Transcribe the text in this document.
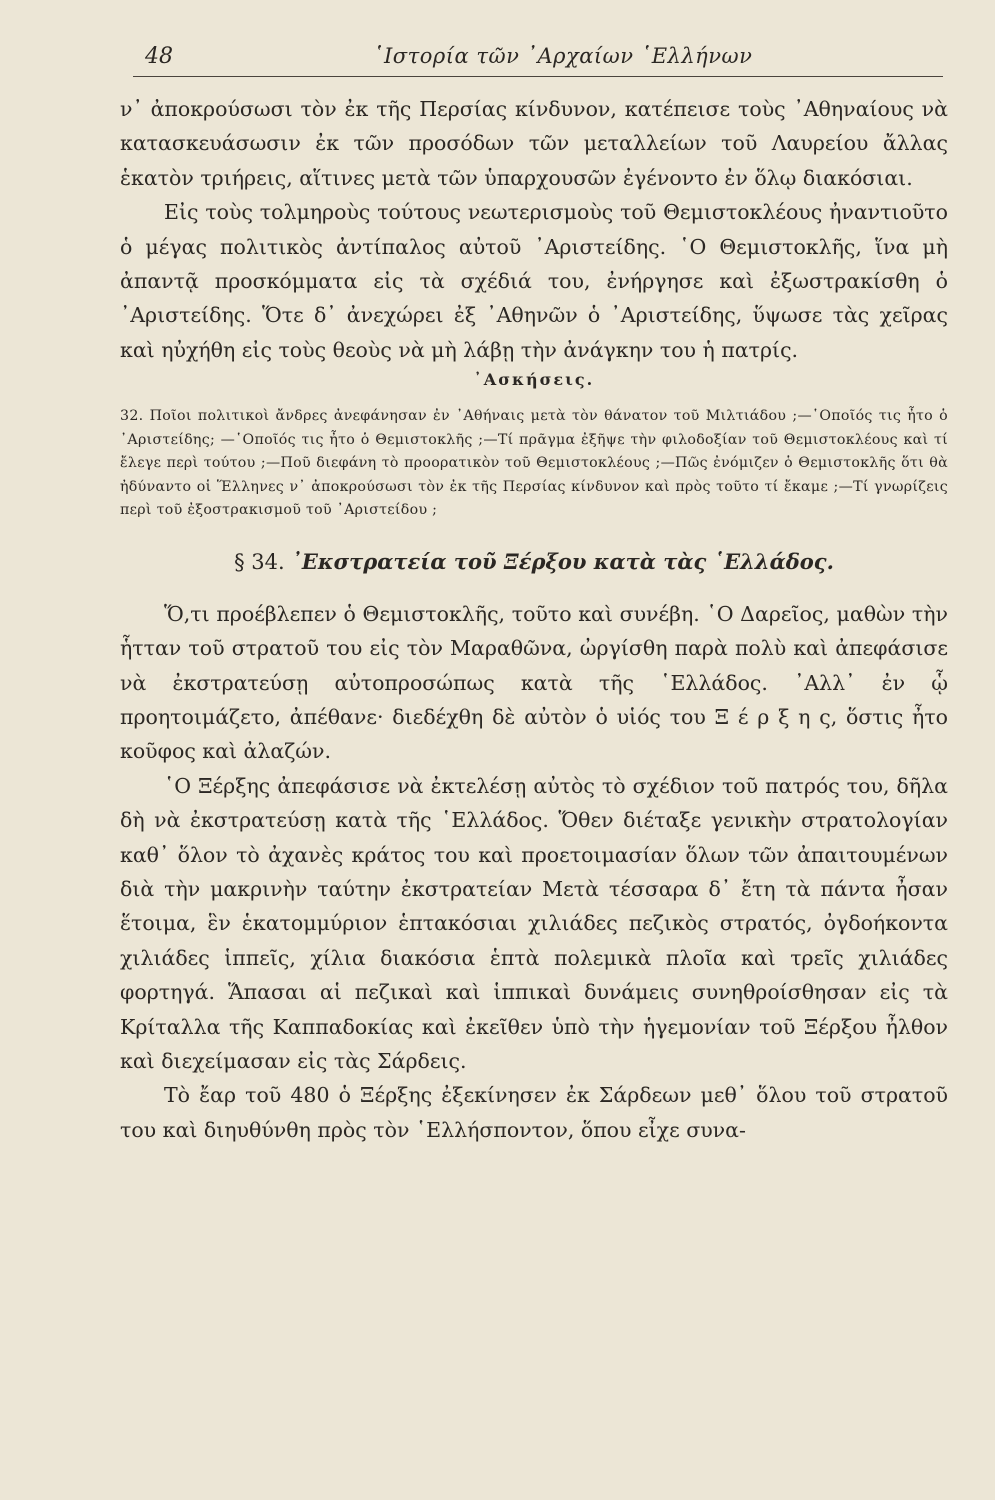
48	῾Ιστορία τῶν ᾿Αρχαίων ῾Ελλήνων

ν᾿ ἀποκρούσωσι τὸν ἐκ τῆς Περσίας κίνδυνον, κατέπεισε τοὺς ᾿Αθηναίους νὰ κατασκευάσωσιν ἐκ τῶν προσόδων τῶν μεταλλείων τοῦ Λαυρείου ἄλλας ἑκατὸν τριήρεις, αἵτινες μετὰ τῶν ὑπαρχουσῶν ἐγένοντο ἐν ὅλῳ διακόσιαι.

Εἰς τοὺς τολμηροὺς τούτους νεωτερισμοὺς τοῦ Θεμιστοκλέους ἠναντιοῦτο ὁ μέγας πολιτικὸς ἀντίπαλος αὐτοῦ ᾿Αριστείδης. ῾Ο Θεμιστοκλῆς, ἵνα μὴ ἀπαντᾷ προσκόμματα εἰς τὰ σχέδιά του, ἐνήργησε καὶ ἐξωστρακίσθη ὁ ᾿Αριστείδης. Ὅτε δ᾿ ἀνεχώρει ἐξ ᾿Αθηνῶν ὁ ᾿Αριστείδης, ὕψωσε τὰς χεῖρας καὶ ηὐχήθη εἰς τοὺς θεοὺς νὰ μὴ λάβῃ τὴν ἀνάγκην του ἡ πατρίς.

᾿Ασκήσεις.

32. Ποῖοι πολιτικοὶ ἄνδρες ἀνεφάνησαν ἐν ᾿Αθήναις μετὰ τὸν θάνατον τοῦ Μιλτιάδου ;—῾Οποῖός τις ἦτο ὁ ᾿Αριστείδης; —῾Οποῖός τις ἦτο ὁ Θεμιστοκλῆς ;—Τί πρᾶγμα ἐξῆψε τὴν φιλοδοξίαν τοῦ Θεμιστοκλέους καὶ τί ἔλεγε περὶ τούτου ;—Ποῦ διεφάνη τὸ προορατικὸν τοῦ Θεμιστοκλέους ;—Πῶς ἐνόμιζεν ὁ Θεμιστοκλῆς ὅτι θὰ ἠδύναντο οἱ Ἕλληνες ν᾿ ἀποκρούσωσι τὸν ἐκ τῆς Περσίας κίνδυνον καὶ πρὸς τοῦτο τί ἔκαμε ;—Τί γνωρίζεις περὶ τοῦ ἐξοστρακισμοῦ τοῦ ᾿Αριστείδου ;

§ 34. ᾿Εκστρατεία τοῦ Ξέρξου κατὰ τὰς ῾Ελλάδος.

Ὅ,τι προέβλεπεν ὁ Θεμιστοκλῆς, τοῦτο καὶ συνέβη. ῾Ο Δαρεῖος, μαθὼν τὴν ἧτταν τοῦ στρατοῦ του εἰς τὸν Μαραθῶνα, ὠργίσθη παρὰ πολὺ καὶ ἀπεφάσισε νὰ ἐκστρατεύσῃ αὐτοπροσώπως κατὰ τῆς ῾Ελλάδος. ᾿Αλλ᾿ ἐν ᾧ προητοιμάζετο, ἀπέθανε· διεδέχθη δὲ αὐτὸν ὁ υἱός του Ξ έ ρ ξ η ς, ὅστις ἦτο κοῦφος καὶ ἀλαζών.

῾Ο Ξέρξης ἀπεφάσισε νὰ ἐκτελέσῃ αὐτὸς τὸ σχέδιον τοῦ πατρός του, δῆλα δὴ νὰ ἐκστρατεύσῃ κατὰ τῆς ῾Ελλάδος. Ὅθεν διέταξε γενικὴν στρατολογίαν καθ᾿ ὅλον τὸ ἀχανὲς κράτος του καὶ προετοιμασίαν ὅλων τῶν ἀπαιτουμένων διὰ τὴν μακρινὴν ταύτην ἐκστρατείαν Μετὰ τέσσαρα δ᾿ ἔτη τὰ πάντα ἦσαν ἕτοιμα, ἓν ἑκατομμύριον ἑπτακόσιαι χιλιάδες πεζικὸς στρατός, ὀγδοήκοντα χιλιάδες ἱππεῖς, χίλια διακόσια ἑπτὰ πολεμικὰ πλοῖα καὶ τρεῖς χιλιάδες φορτηγά. Ἅπασαι αἱ πεζικαὶ καὶ ἱππικαὶ δυνάμεις συνηθροίσθησαν εἰς τὰ Κρίταλλα τῆς Καππαδοκίας καὶ ἐκεῖθεν ὑπὸ τὴν ἡγεμονίαν τοῦ Ξέρξου ἦλθον καὶ διεχείμασαν εἰς τὰς Σάρδεις.

Τὸ ἔαρ τοῦ 480 ὁ Ξέρξης ἐξεκίνησεν ἐκ Σάρδεων μεθ᾿ ὅλου τοῦ στρατοῦ του καὶ διηυθύνθη πρὸς τὸν ῾Ελλήσποντον, ὅπου εἶχε συνα-
